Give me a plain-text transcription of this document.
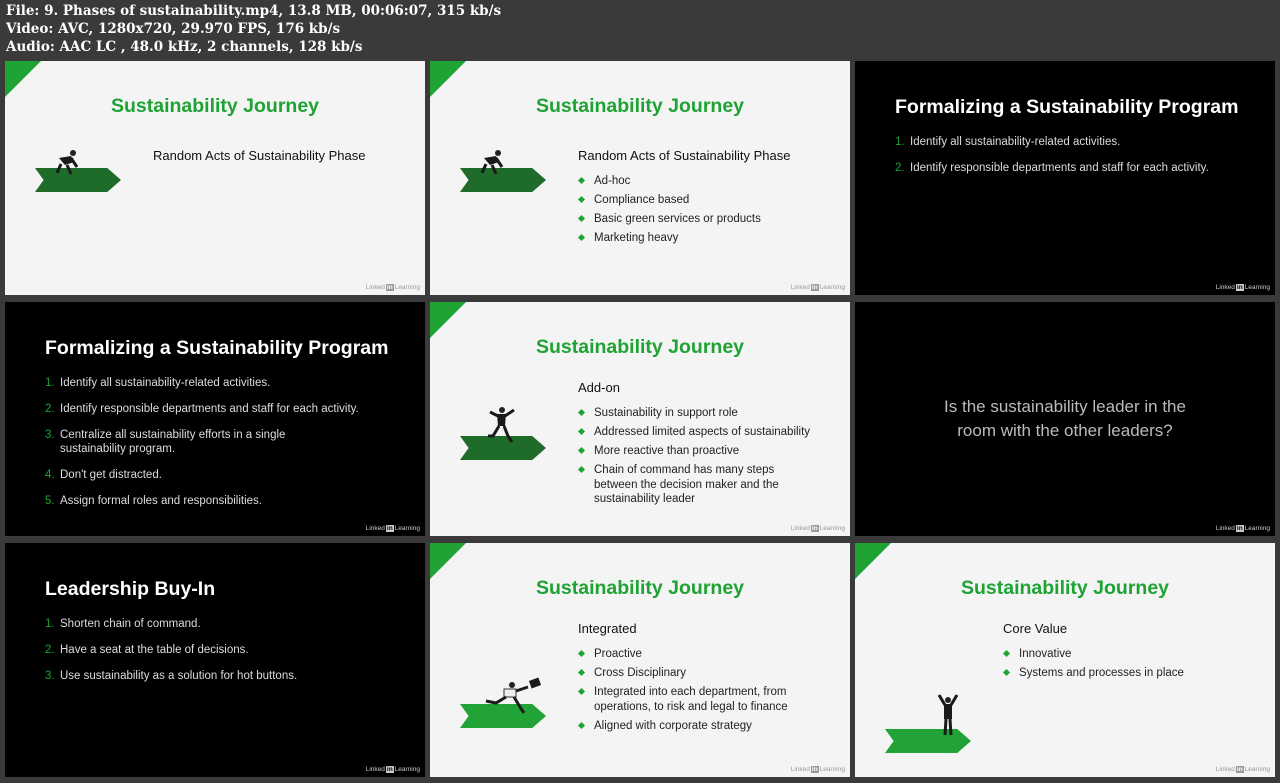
File: 9. Phases of sustainability.mp4, 13.8 MB, 00:06:07, 315 kb/s
Video: AVC, 1280x720, 29.970 FPS, 176 kb/s
Audio: AAC LC , 48.0 kHz, 2 channels, 128 kb/s
Sustainability Journey
Random Acts of Sustainability Phase
Linked in Learning
Sustainability Journey
Random Acts of Sustainability Phase
Ad-hoc
Compliance based
Basic green services or products
Marketing heavy
Linked in Learning
Formalizing a Sustainability Program
1. Identify all sustainability-related activities.
2. Identify responsible departments and staff for each activity.
Linked in Learning
Formalizing a Sustainability Program
1. Identify all sustainability-related activities.
2. Identify responsible departments and staff for each activity.
3. Centralize all sustainability efforts in a single sustainability program.
4. Don't get distracted.
5. Assign formal roles and responsibilities.
Linked in Learning
Sustainability Journey
Add-on
Sustainability in support role
Addressed limited aspects of sustainability
More reactive than proactive
Chain of command has many steps between the decision maker and the sustainability leader
Linked in Learning
Is the sustainability leader in the room with the other leaders?
Linked in Learning
Leadership Buy-In
1. Shorten chain of command.
2. Have a seat at the table of decisions.
3. Use sustainability as a solution for hot buttons.
Linked in Learning
Sustainability Journey
Integrated
Proactive
Cross Disciplinary
Integrated into each department, from operations, to risk and legal to finance
Aligned with corporate strategy
Linked in Learning
Sustainability Journey
Core Value
Innovative
Systems and processes in place
Linked in Learning
